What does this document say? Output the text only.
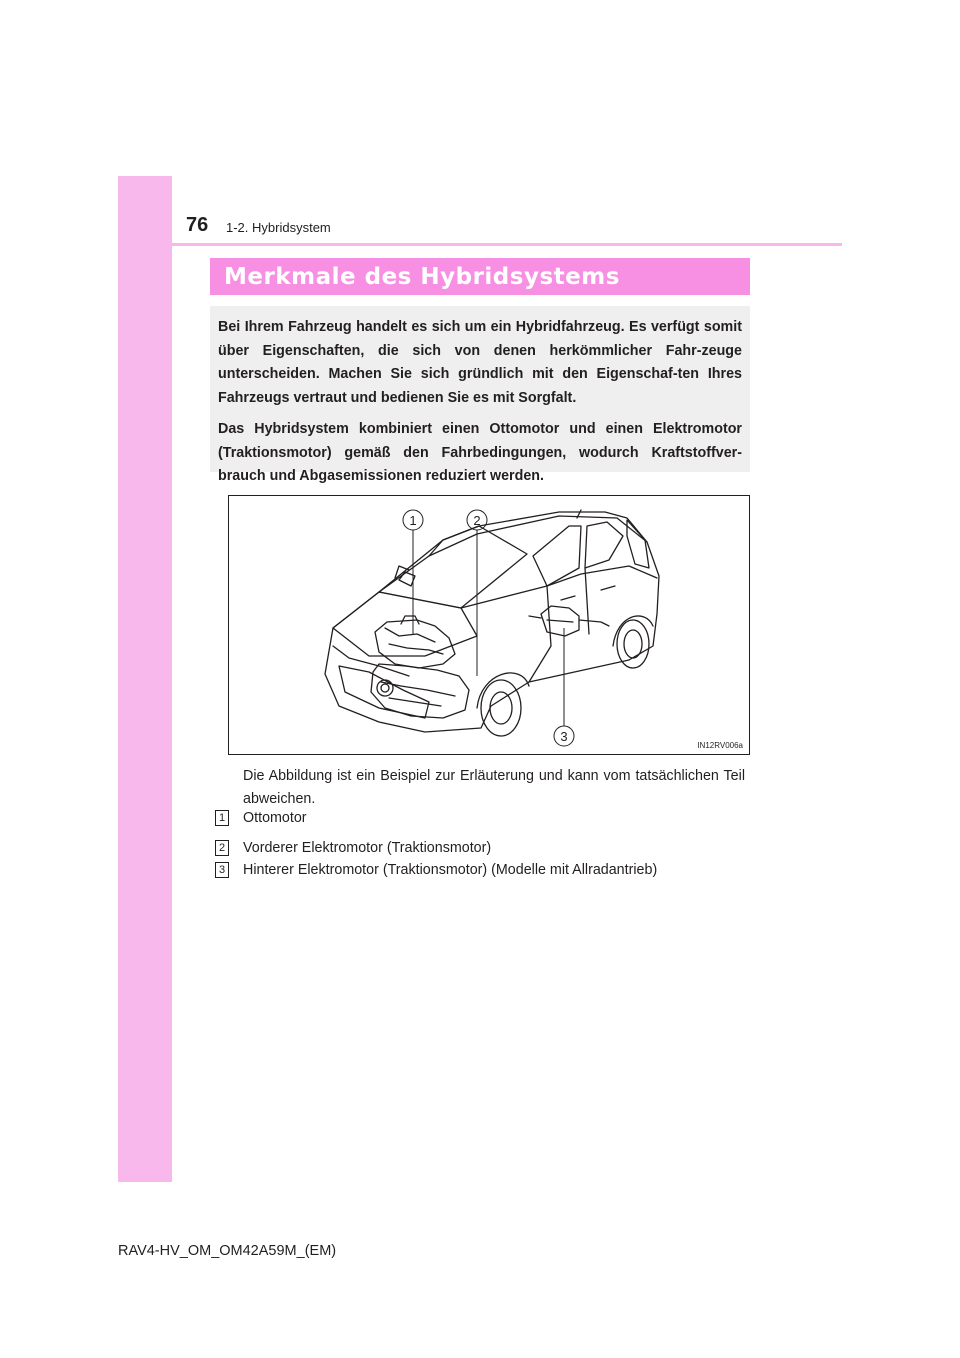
76 1-2. Hybridsystem
Merkmale des Hybridsystems

Bei Ihrem Fahrzeug handelt es sich um ein Hybridfahrzeug. Es verfügt somit über Eigenschaften, die sich von denen herkömmlicher Fahr-zeuge unterscheiden. Machen Sie sich gründlich mit den Eigenschaf-ten Ihres Fahrzeugs vertraut und bedienen Sie es mit Sorgfalt.

Das Hybridsystem kombiniert einen Ottomotor und einen Elektromotor (Traktionsmotor) gemäß den Fahrbedingungen, wodurch Kraftstoffver-brauch und Abgasemissionen reduziert werden.

1	2
3
IN12RV006a

Die Abbildung ist ein Beispiel zur Erläuterung und kann vom tatsächlichen Teil abweichen.

1 Ottomotor
2 Vorderer Elektromotor (Traktionsmotor)
3 Hinterer Elektromotor (Traktionsmotor) (Modelle mit Allradantrieb)
RAV4-HV_OM_OM42A59M_(EM)
